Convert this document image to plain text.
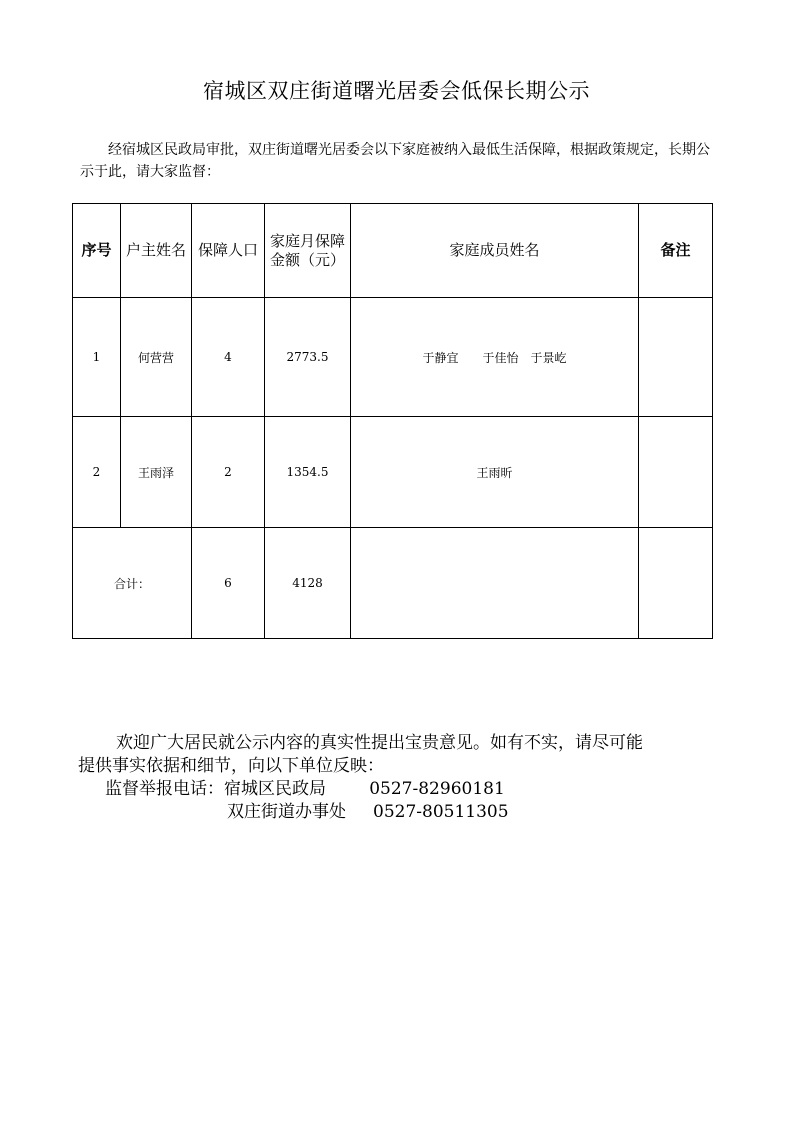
宿城区双庄街道曙光居委会低保长期公示
经宿城区民政局审批，双庄街道曙光居委会以下家庭被纳入最低生活保障，根据政策规定，长期公示于此，请大家监督：
序号	户主姓名	保障人口	家庭月保障金额（元）	家庭成员姓名	备注
1	何营营	4	2773.5	于静宜　　于佳怡　于景屹	
2	王雨泽	2	1354.5	王雨昕	
合计：		6	4128		

欢迎广大居民就公示内容的真实性提出宝贵意见。如有不实，请尽可能

提供事实依据和细节，向以下单位反映：

监督举报电话：宿城区民政局	0527-82960181

双庄街道办事处 0527-80511305
